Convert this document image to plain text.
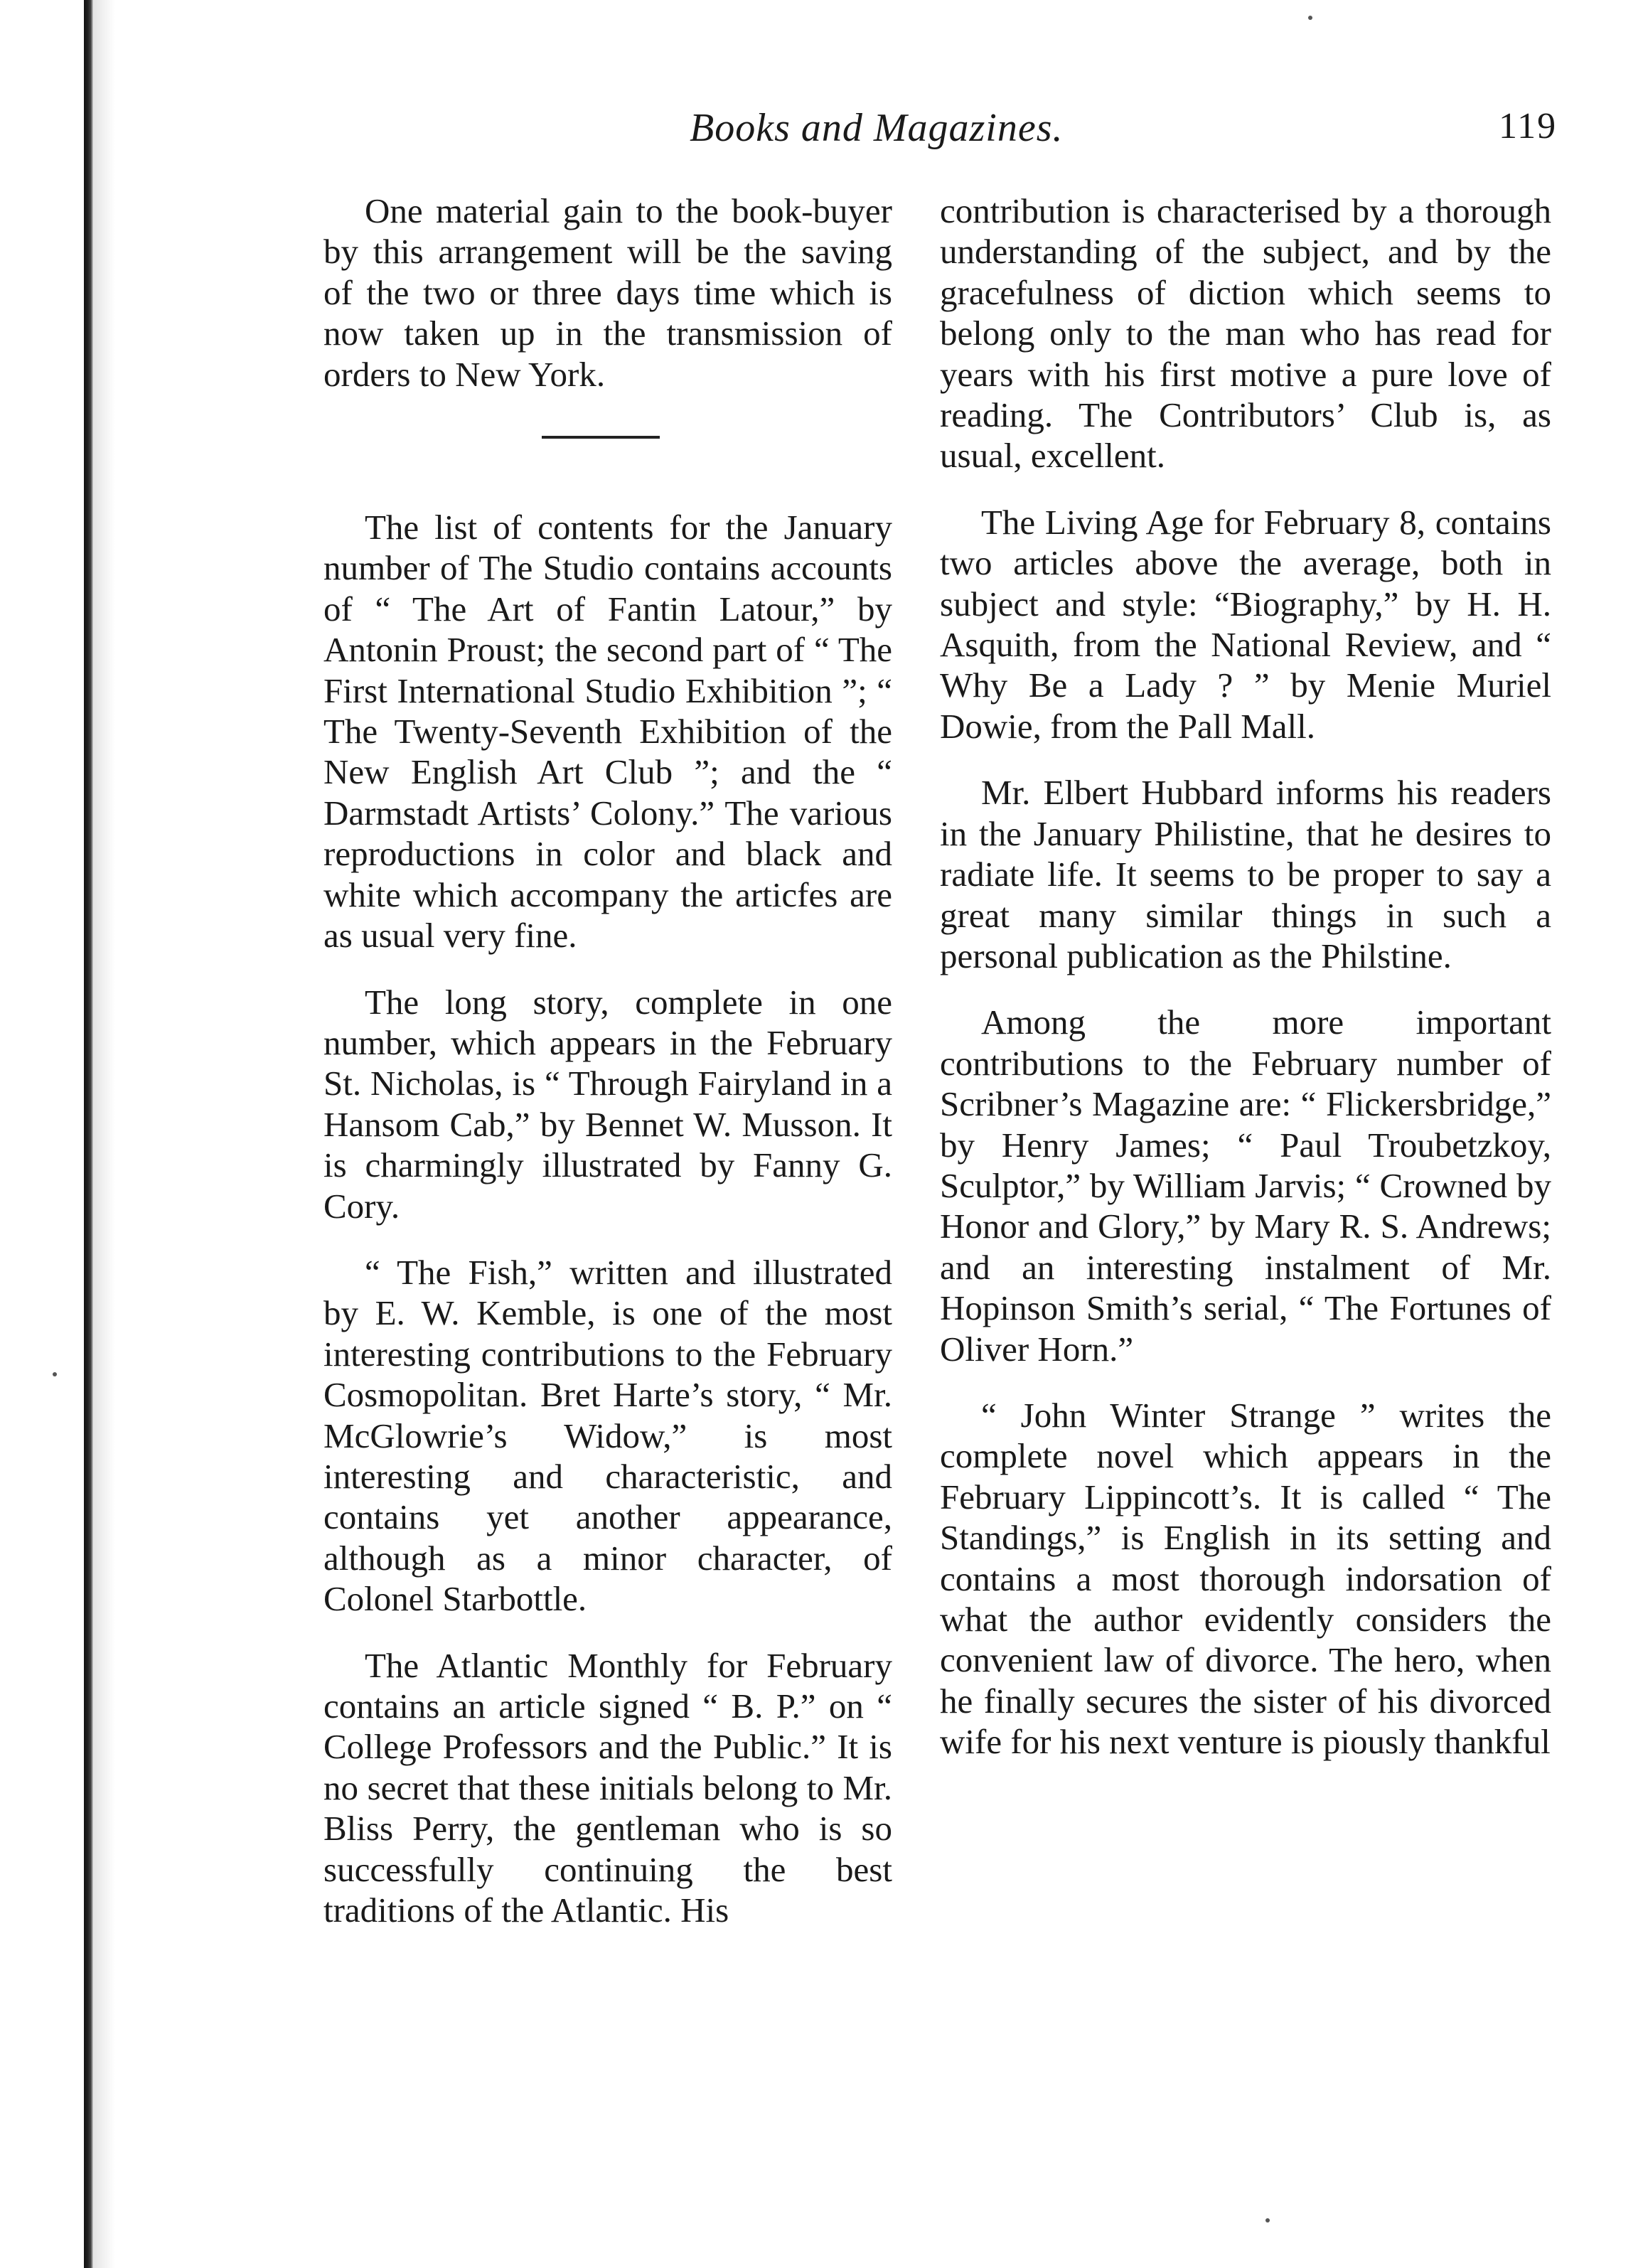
Books and Magazines.	119

One material gain to the book-buyer by this arrangement will be the saving of the two or three days time which is now taken up in the transmission of orders to New York.

The list of contents for the January number of The Studio contains accounts of “ The Art of Fantin Latour,” by Antonin Proust; the second part of “ The First International Studio Exhibition ”; “ The Twenty-Seventh Exhibition of the New English Art Club ”; and the “ Darmstadt Artists’ Colony.” The various reproductions in color and black and white which accompany the articfes are as usual very fine.

The long story, complete in one number, which appears in the February St. Nicholas, is “ Through Fairyland in a Hansom Cab,” by Bennet W. Musson. It is charmingly illustrated by Fanny G. Cory.

“ The Fish,” written and illustrated by E. W. Kemble, is one of the most interesting contributions to the February Cosmopolitan. Bret Harte’s story, “ Mr. McGlowrie’s Widow,” is most interesting and characteristic, and contains yet another appearance, although as a minor character, of Colonel Starbottle.

The Atlantic Monthly for February contains an article signed “ B. P.” on “ College Professors and the Public.” It is no secret that these initials belong to Mr. Bliss Perry, the gentleman who is so successfully continuing the best traditions of the Atlantic. His

contribution is characterised by a thorough understanding of the subject, and by the gracefulness of diction which seems to belong only to the man who has read for years with his first motive a pure love of reading. The Contributors’ Club is, as usual, excellent.

The Living Age for February 8, contains two articles above the average, both in subject and style: “Biography,” by H. H. Asquith, from the National Review, and “ Why Be a Lady ? ” by Menie Muriel Dowie, from the Pall Mall.

Mr. Elbert Hubbard informs his readers in the January Philistine, that he desires to radiate life. It seems to be proper to say a great many similar things in such a personal publication as the Philstine.

Among the more important contributions to the February number of Scribner’s Magazine are: “ Flickersbridge,” by Henry James; “ Paul Troubetzkoy, Sculptor,” by William Jarvis; “ Crowned by Honor and Glory,” by Mary R. S. Andrews; and an interesting instalment of Mr. Hopinson Smith’s serial, “ The Fortunes of Oliver Horn.”

“ John Winter Strange ” writes the complete novel which appears in the February Lippincott’s. It is called “ The Standings,” is English in its setting and contains a most thorough indorsation of what the author evidently considers the convenient law of divorce. The hero, when he finally secures the sister of his divorced wife for his next venture is piously thankful
